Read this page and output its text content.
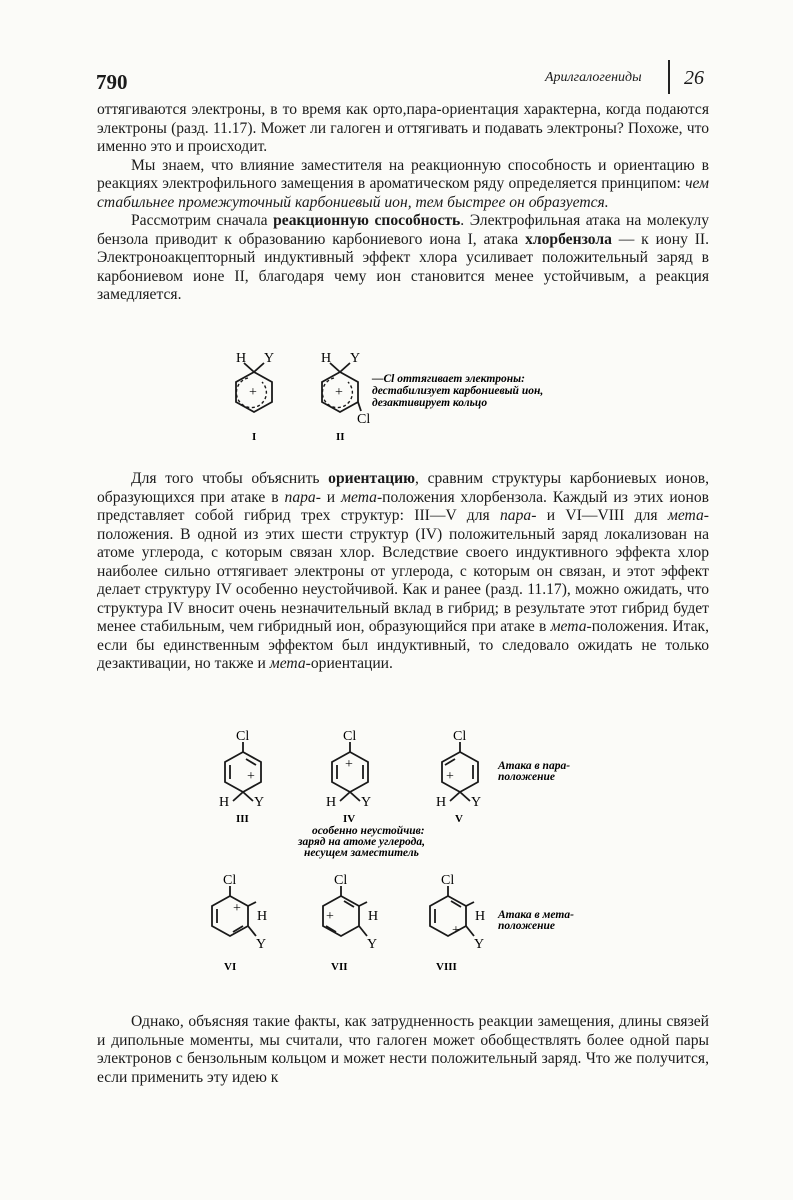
790	Арилгалогениды 26

оттягиваются электроны, в то время как орто,пара-ориентация характерна, когда подаются электроны (разд. 11.17). Может ли галоген и оттягивать и подавать электроны? Похоже, что именно это и происходит.

Мы знаем, что влияние заместителя на реакционную способность и ориентацию в реакциях электрофильного замещения в ароматическом ряду определяется принципом: чем стабильнее промежуточный карбониевый ион, тем быстрее он образуется.

Рассмотрим сначала реакционную способность. Электрофильная атака на молекулу бензола приводит к образованию карбониевого иона I, атака хлорбензола — к иону II. Электроноакцепторный индуктивный эффект хлора усиливает положительный заряд в карбониевом ионе II, благодаря чему ион становится менее устойчивым, а реакция замедляется.

H Y
+
H Y
+
Cl
I	II
—Cl оттягивает электроны:
дестабилизует карбониевый ион,
дезактивирует кольцо

Для того чтобы объяснить ориентацию, сравним структуры карбониевых ионов, образующихся при атаке в пара- и мета-положения хлорбензола. Каждый из этих ионов представляет собой гибрид трех структур: III—V для пара- и VI—VIII для мета-положения. В одной из этих шести структур (IV) положительный заряд локализован на атоме углерода, с которым связан хлор. Вследствие своего индуктивного эффекта хлор наиболее сильно оттягивает электроны от углерода, с которым он связан, и этот эффект делает структуру IV особенно неустойчивой. Как и ранее (разд. 11.17), можно ожидать, что структура IV вносит очень незначительный вклад в гибрид; в результате этот гибрид будет менее стабильным, чем гибридный ион, образующийся при атаке в мета-положения. Итак, если бы единственным эффектом был индуктивный, то следовало ожидать не только дезактивации, но также и мета-ориентации.

Cl
+
H Y
III
Cl
+
H Y
IV
особенно неустойчив:
заряд на атоме углерода,
несущем заместитель
Cl
+
H Y
V
Атака в пара-
положение
Cl
+
H
Y
VI
Cl
+ H
Y
VII
Cl
+
H
Y
VIII
Атака в мета-
положение

Однако, объясняя такие факты, как затрудненность реакции замещения, длины связей и дипольные моменты, мы считали, что галоген может обобществлять более одной пары электронов с бензольным кольцом и может нести положительный заряд. Что же получится, если применить эту идею к
